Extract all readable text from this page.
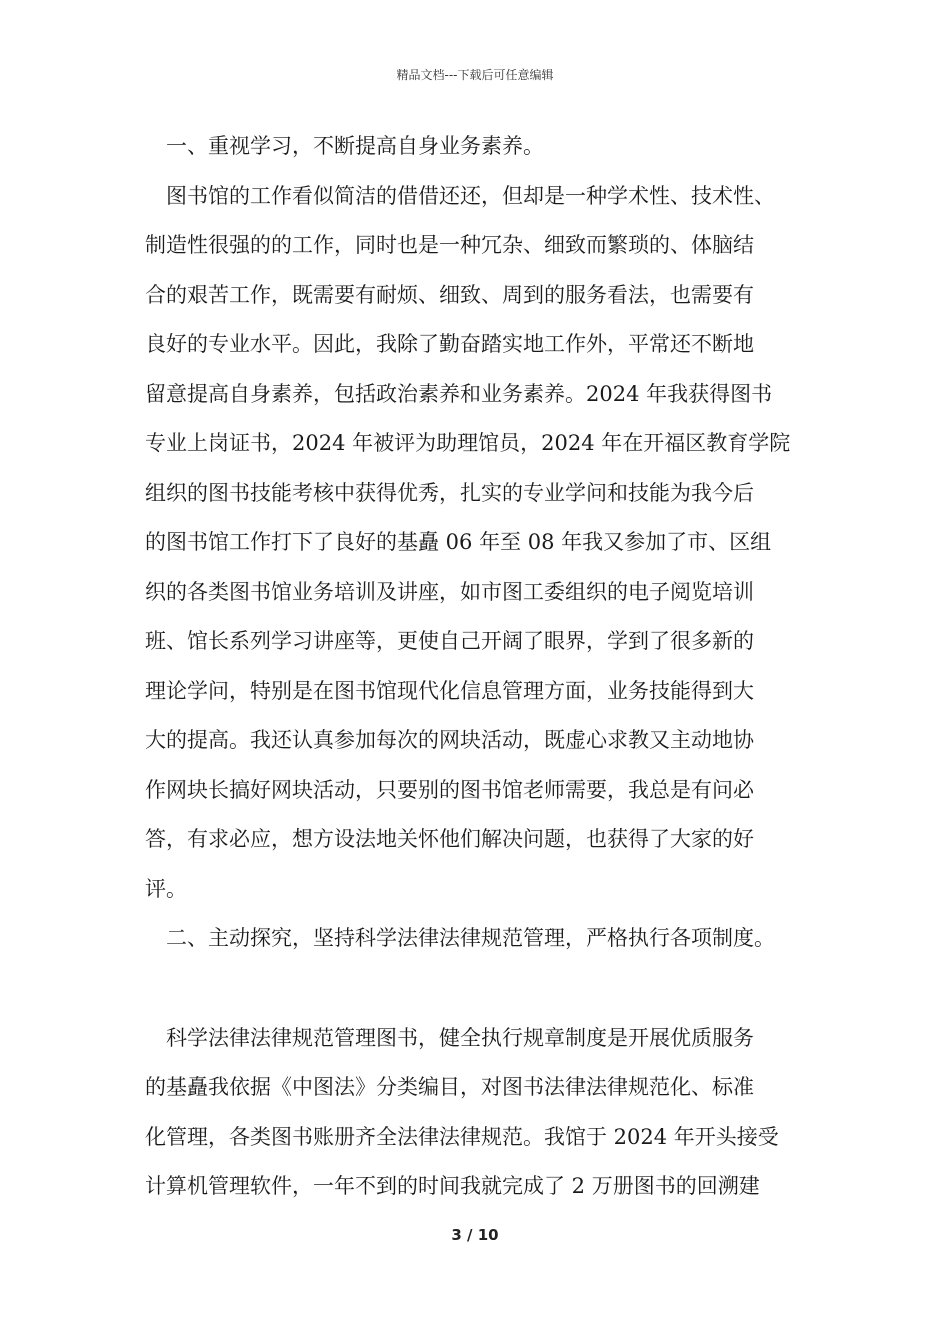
精品文档---下载后可任意编辑
一、重视学习，不断提高自身业务素养。
图书馆的工作看似简洁的借借还还，但却是一种学术性、技术性、
制造性很强的的工作，同时也是一种冗杂、细致而繁琐的、体脑结
合的艰苦工作，既需要有耐烦、细致、周到的服务看法，也需要有
良好的专业水平。因此，我除了勤奋踏实地工作外，平常还不断地
留意提高自身素养，包括政治素养和业务素养。2024 年我获得图书
专业上岗证书，2024 年被评为助理馆员，2024 年在开福区教育学院
组织的图书技能考核中获得优秀，扎实的专业学问和技能为我今后
的图书馆工作打下了良好的基矗 06 年至 08 年我又参加了市、区组
织的各类图书馆业务培训及讲座，如市图工委组织的电子阅览培训
班、馆长系列学习讲座等，更使自己开阔了眼界，学到了很多新的
理论学问，特别是在图书馆现代化信息管理方面，业务技能得到大
大的提高。我还认真参加每次的网块活动，既虚心求教又主动地协
作网块长搞好网块活动，只要别的图书馆老师需要，我总是有问必
答，有求必应，想方设法地关怀他们解决问题，也获得了大家的好
评。
二、主动探究，坚持科学法律法律规范管理，严格执行各项制度。
科学法律法律规范管理图书，健全执行规章制度是开展优质服务
的基矗我依据《中图法》分类编目，对图书法律法律规范化、标准
化管理，各类图书账册齐全法律法律规范。我馆于 2024 年开头接受
计算机管理软件，一年不到的时间我就完成了 2 万册图书的回溯建
3 / 10
